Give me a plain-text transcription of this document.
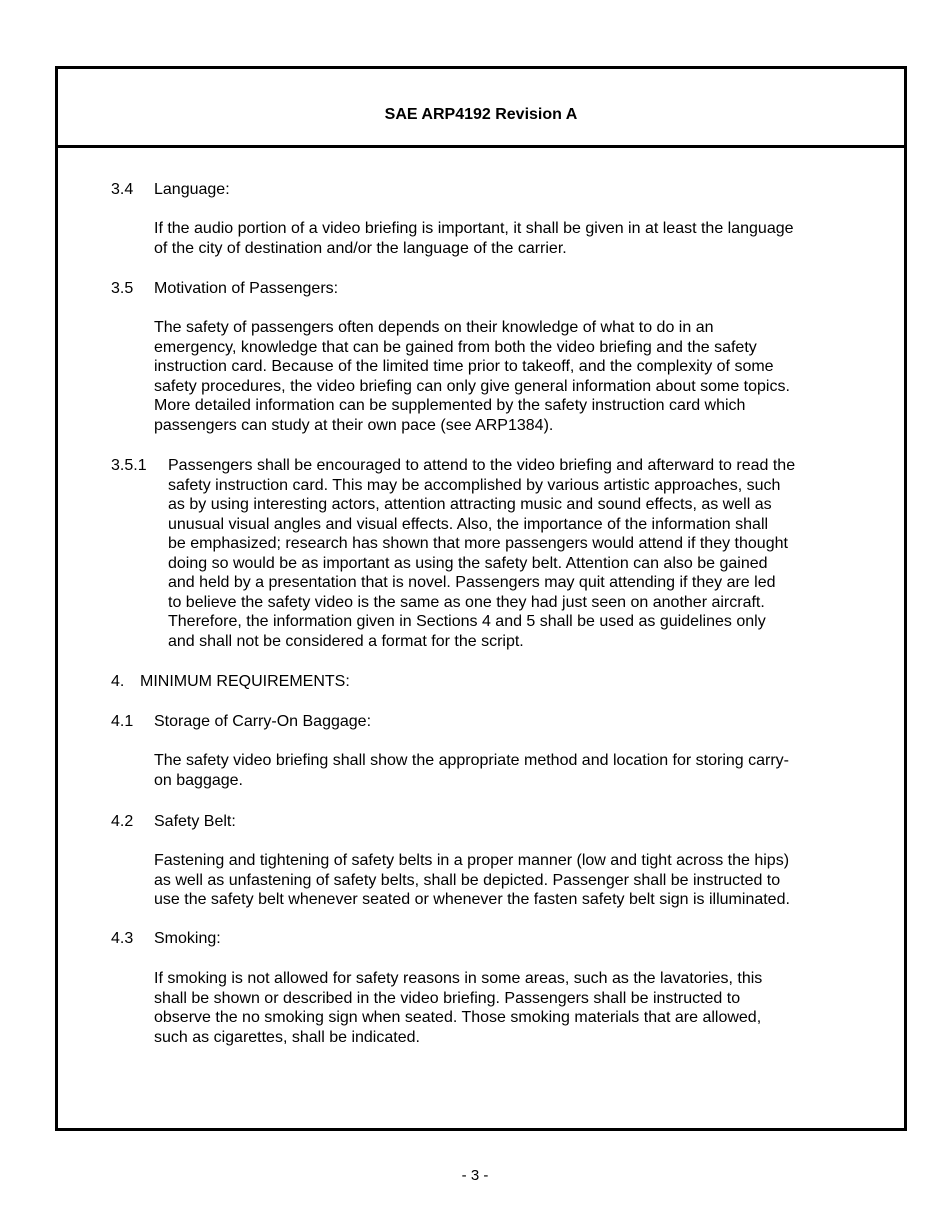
SAE ARP4192 Revision A
3.4 Language:
If the audio portion of a video briefing is important, it shall be given in at least the language
of the city of destination and/or the language of the carrier.
3.5 Motivation of Passengers:
The safety of passengers often depends on their knowledge of what to do in an
emergency, knowledge that can be gained from both the video briefing and the safety
instruction card. Because of the limited time prior to takeoff, and the complexity of some
safety procedures, the video briefing can only give general information about some topics.
More detailed information can be supplemented by the safety instruction card which
passengers can study at their own pace (see ARP1384).
3.5.1 Passengers shall be encouraged to attend to the video briefing and afterward to read the
safety instruction card. This may be accomplished by various artistic approaches, such
as by using interesting actors, attention attracting music and sound effects, as well as
unusual visual angles and visual effects. Also, the importance of the information shall
be emphasized; research has shown that more passengers would attend if they thought
doing so would be as important as using the safety belt. Attention can also be gained
and held by a presentation that is novel. Passengers may quit attending if they are led
to believe the safety video is the same as one they had just seen on another aircraft.
Therefore, the information given in Sections 4 and 5 shall be used as guidelines only
and shall not be considered a format for the script.
4. MINIMUM REQUIREMENTS:
4.1 Storage of Carry-On Baggage:
The safety video briefing shall show the appropriate method and location for storing carry-
on baggage.
4.2 Safety Belt:
Fastening and tightening of safety belts in a proper manner (low and tight across the hips)
as well as unfastening of safety belts, shall be depicted. Passenger shall be instructed to
use the safety belt whenever seated or whenever the fasten safety belt sign is illuminated.
4.3 Smoking:
If smoking is not allowed for safety reasons in some areas, such as the lavatories, this
shall be shown or described in the video briefing. Passengers shall be instructed to
observe the no smoking sign when seated. Those smoking materials that are allowed,
such as cigarettes, shall be indicated.
- 3 -
